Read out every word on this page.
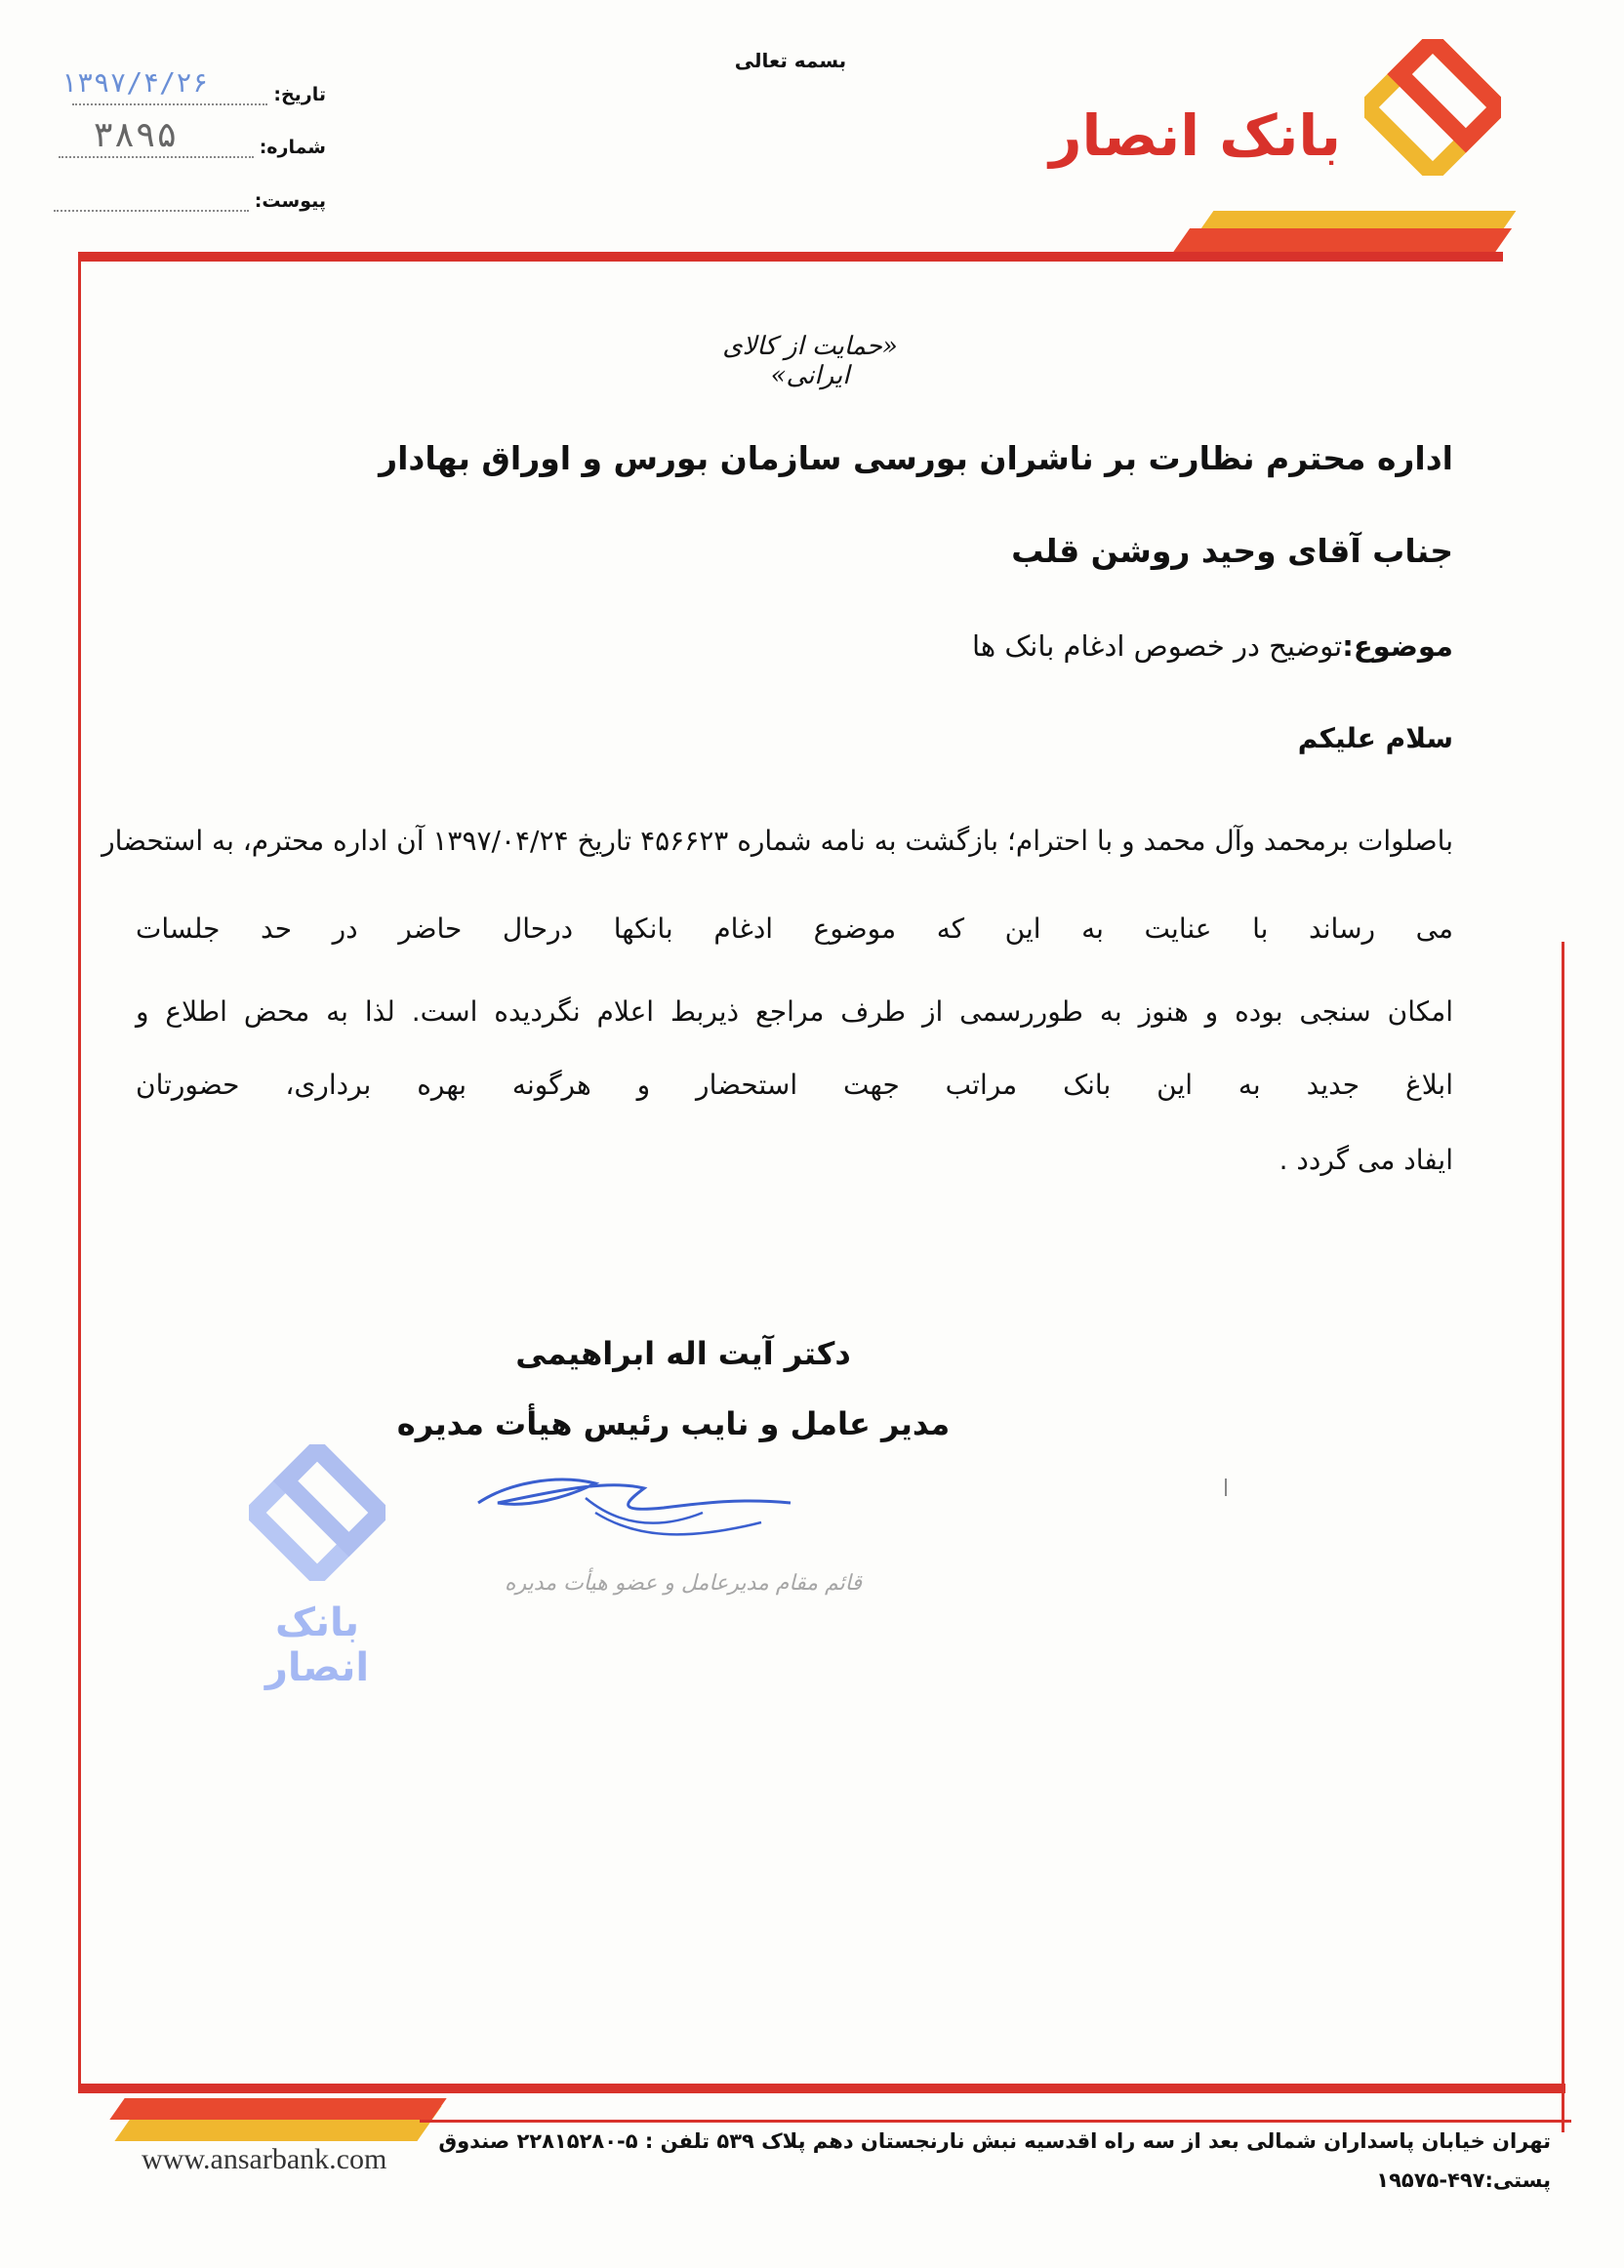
بسمه تعالی
بانک انصار
تاریخ:
شماره:
پیوست:
۱۳۹۷/۴/۲۶
۳۸۹۵
«حمایت از کالای ایرانی»
اداره محترم نظارت بر ناشران بورسی سازمان بورس و اوراق بهادار
جناب آقای وحید روشن قلب
موضوع:توضیح در خصوص ادغام بانک ها
سلام علیکم
باصلوات برمحمد وآل محمد و با احترام؛ بازگشت به نامه شماره ۴۵۶۶۲۳ تاریخ ۱۳۹۷/۰۴/۲۴ آن اداره محترم، به استحضار
می رساند با عنایت به این که موضوع ادغام بانکها درحال حاضر در حد جلسات
امکان سنجی بوده و هنوز به طوررسمی از طرف مراجع ذیربط اعلام نگردیده است. لذا به محض اطلاع و
ابلاغ جدید به این بانک مراتب جهت استحضار و هرگونه بهره برداری، حضورتان
ایفاد می گردد .
دکتر آیت اله ابراهیمی
مدیر عامل و نایب رئیس هیأت مدیره
بانک انصار
قائم مقام مدیرعامل و عضو هیأت مدیره
www.ansarbank.com
تهران خیابان پاسداران شمالی بعد از سه راه اقدسیه نبش نارنجستان دهم پلاک ۵۳۹ تلفن : ۵-۲۲۸۱۵۲۸۰ صندوق پستی:۴۹۷-۱۹۵۷۵
